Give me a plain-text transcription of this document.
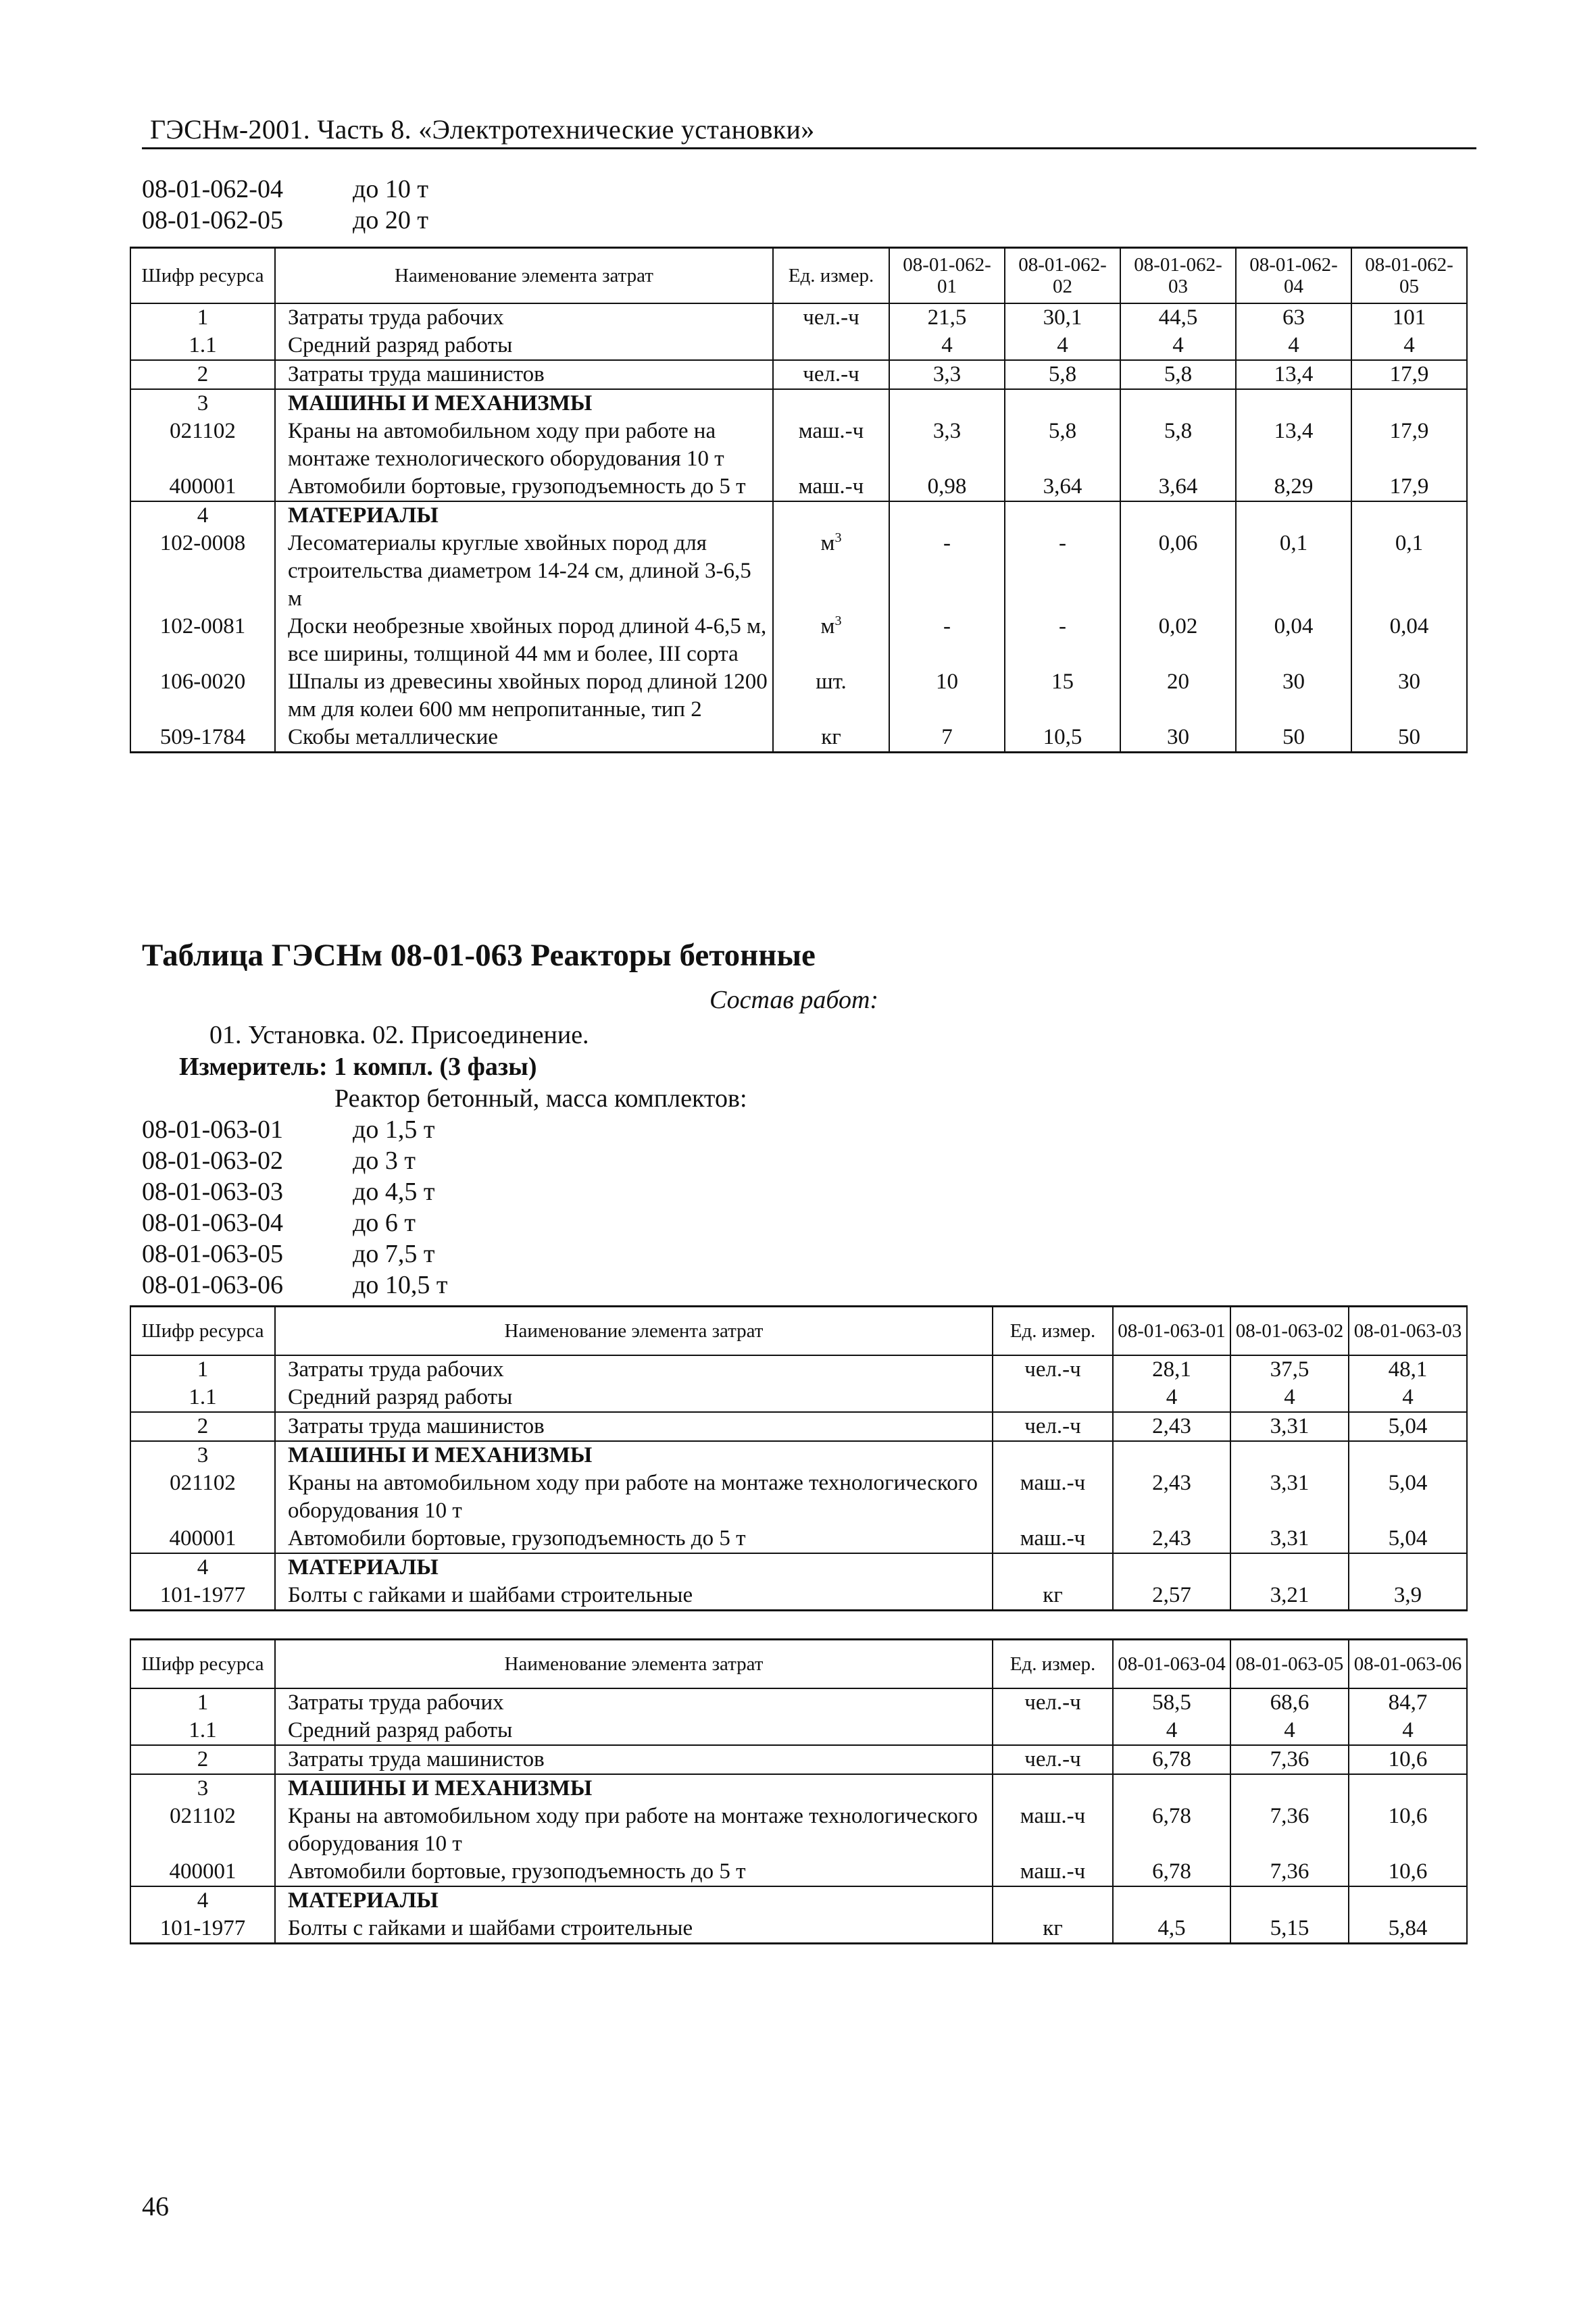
ГЭСНм-2001. Часть 8. «Электротехнические установки»
08-01-062-04	до 10 т
08-01-062-05	до 20 т
Шифр ресурса	Наименование элемента затрат	Ед. измер.	08-01-062-01	08-01-062-02	08-01-062-03	08-01-062-04	08-01-062-05
1	Затраты труда рабочих	чел.-ч	21,5	30,1	44,5	63	101
1.1	Средний разряд работы		4	4	4	4	4
2	Затраты труда машинистов	чел.-ч	3,3	5,8	5,8	13,4	17,9
3	МАШИНЫ И МЕХАНИЗМЫ						
021102	Краны на автомобильном ходу при работе на монтаже технологического оборудования 10 т	маш.-ч	3,3	5,8	5,8	13,4	17,9
400001	Автомобили бортовые, грузоподъемность до 5 т	маш.-ч	0,98	3,64	3,64	8,29	17,9
4	МАТЕРИАЛЫ						
102-0008	Лесоматериалы круглые хвойных пород для строительства диаметром 14-24 см, длиной 3-6,5 м	$м^3$	-	-	0,06	0,1	0,1
102-0081	Доски необрезные хвойных пород длиной 4-6,5 м, все ширины, толщиной 44 мм и более, III сорта	$м^3$	-	-	0,02	0,04	0,04
106-0020	Шпалы из древесины хвойных пород длиной 1200 мм для колеи 600 мм непропитанные, тип 2	шт.	10	15	20	30	30
509-1784	Скобы металлические	кг	7	10,5	30	50	50
Таблица ГЭСНм 08-01-063 Реакторы бетонные
Состав работ:
01. Установка. 02. Присоединение.
Измеритель: 1 компл. (3 фазы)
Реактор бетонный, масса комплектов:
08-01-063-01	до 1,5 т
08-01-063-02	до 3 т
08-01-063-03	до 4,5 т
08-01-063-04	до 6 т
08-01-063-05	до 7,5 т
08-01-063-06	до 10,5 т
Шифр ресурса	Наименование элемента затрат	Ед. измер.	08-01-063-01	08-01-063-02	08-01-063-03
1	Затраты труда рабочих	чел.-ч	28,1	37,5	48,1
1.1	Средний разряд работы		4	4	4
2	Затраты труда машинистов	чел.-ч	2,43	3,31	5,04
3	МАШИНЫ И МЕХАНИЗМЫ				
021102	Краны на автомобильном ходу при работе на монтаже технологического оборудования 10 т	маш.-ч	2,43	3,31	5,04
400001	Автомобили бортовые, грузоподъемность до 5 т	маш.-ч	2,43	3,31	5,04
4	МАТЕРИАЛЫ				
101-1977	Болты с гайками и шайбами строительные	кг	2,57	3,21	3,9
Шифр ресурса	Наименование элемента затрат	Ед. измер.	08-01-063-04	08-01-063-05	08-01-063-06
1	Затраты труда рабочих	чел.-ч	58,5	68,6	84,7
1.1	Средний разряд работы		4	4	4
2	Затраты труда машинистов	чел.-ч	6,78	7,36	10,6
3	МАШИНЫ И МЕХАНИЗМЫ				
021102	Краны на автомобильном ходу при работе на монтаже технологического оборудования 10 т	маш.-ч	6,78	7,36	10,6
400001	Автомобили бортовые, грузоподъемность до 5 т	маш.-ч	6,78	7,36	10,6
4	МАТЕРИАЛЫ				
101-1977	Болты с гайками и шайбами строительные	кг	4,5	5,15	5,84
46
